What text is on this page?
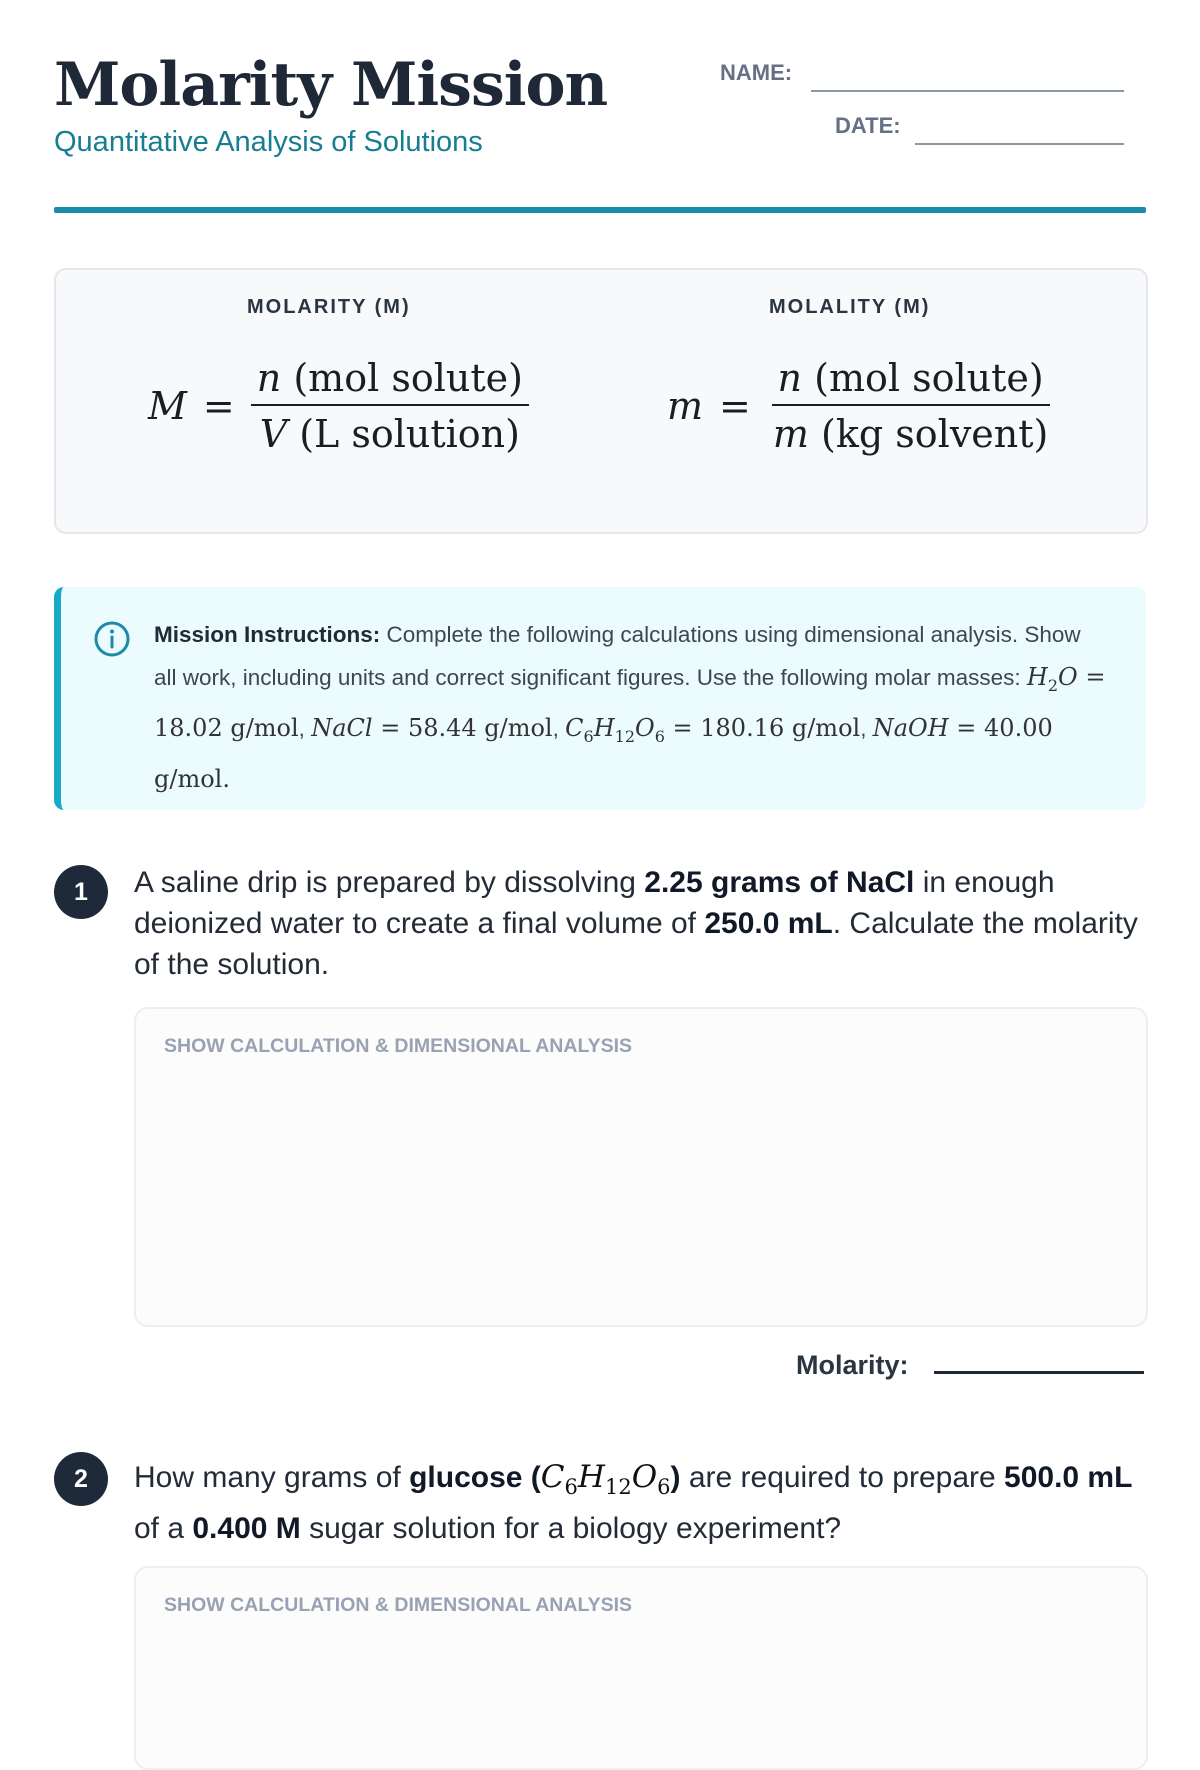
Molarity Mission
Quantitative Analysis of Solutions
NAME:
DATE:
MOLARITY (M)
$M = \frac{\text{n (mol solute)}}{\text{V (L solution)}}$
MOLALITY (M)
$m = \frac{\text{n (mol solute)}}{\text{m (kg solvent)}}$
Mission Instructions: Complete the following calculations using dimensional analysis. Show all work, including units and correct significant figures. Use the following molar masses: $H_2O = 18.02$ g/mol, NaCl = 58.44 g/mol, $C_6H_{12}O_6 = 180.16$ g/mol, NaOH = 40.00 g/mol.
1	A saline drip is prepared by dissolving 2.25 grams of NaCl in enough deionized water to create a final volume of 250.0 mL. Calculate the molarity of the solution.
SHOW CALCULATION & DIMENSIONAL ANALYSIS
Molarity:
2	How many grams of glucose $(C_6H_{12}O_6)$ are required to prepare 500.0 mL of a 0.400 M sugar solution for a biology experiment?
SHOW CALCULATION & DIMENSIONAL ANALYSIS
